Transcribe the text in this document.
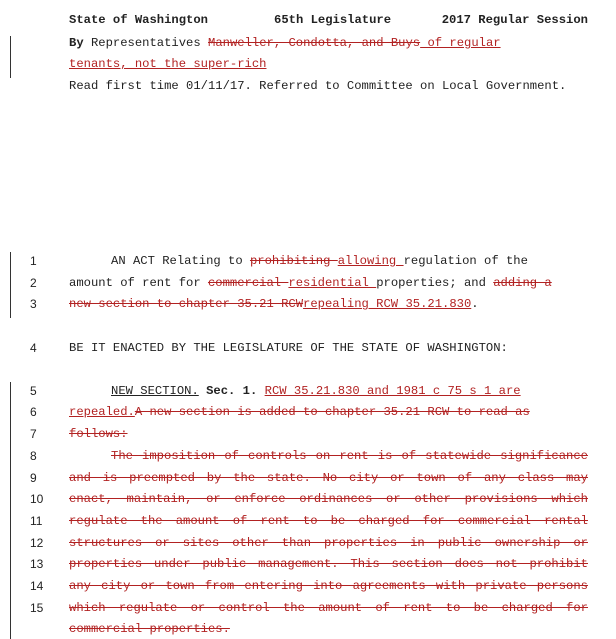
State of Washington	65th Legislature	2017 Regular Session
By Representatives Manweller, Condotta, and Buys of regular
tenants, not the super-rich
Read first time 01/11/17. Referred to Committee on Local Government.
1
2
3
4
5
6
7
8
9
10
11
12
13
14
15
AN ACT Relating to prohibiting allowing regulation of the
amount of rent for commercial residential properties; and adding a
new section to chapter 35.21 RCWrepealing RCW 35.21.830.
BE IT ENACTED BY THE LEGISLATURE OF THE STATE OF WASHINGTON:
NEW SECTION. Sec. 1. RCW 35.21.830 and 1981 c 75 s 1 are
repealed.A new section is added to chapter 35.21 RCW to read as
follows:
The imposition of controls on rent is of statewide significance
and is preempted by the state. No city or town of any class may
enact, maintain, or enforce ordinances or other provisions which
regulate the amount of rent to be charged for commercial rental
structures or sites other than properties in public ownership or
properties under public management. This section does not prohibit
any city or town from entering into agreements with private persons
which regulate or control the amount of rent to be charged for
commercial properties.
